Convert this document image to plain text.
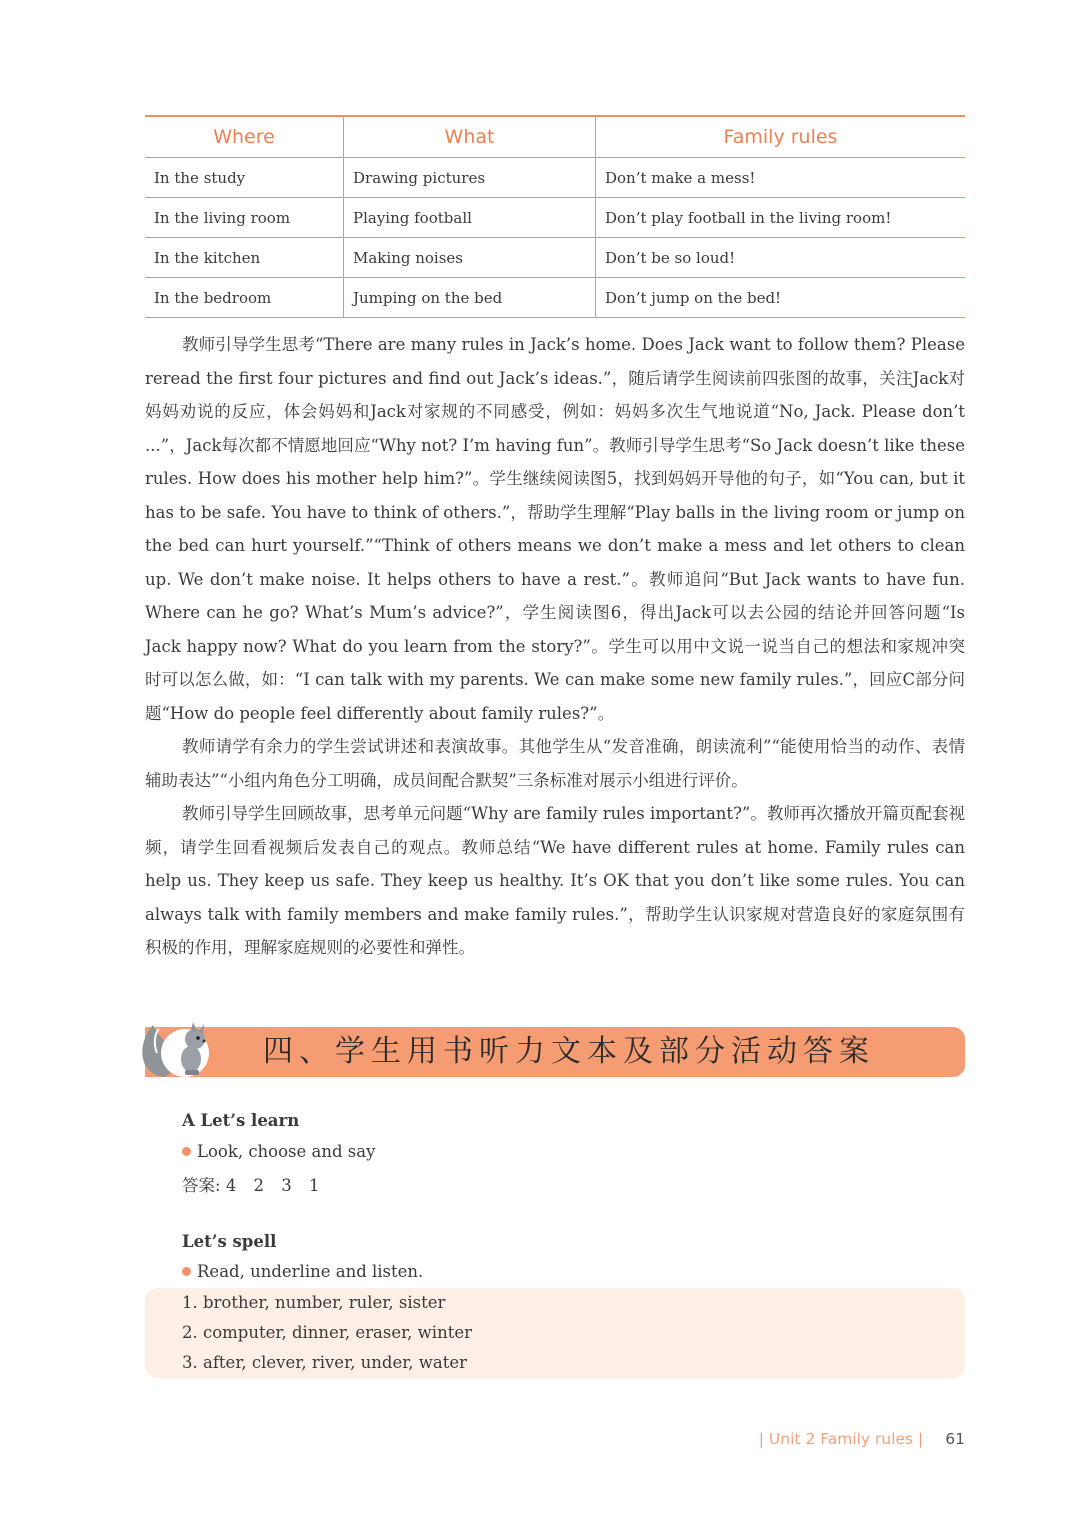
Where	What	Family rules
In the study	Drawing pictures	Don’t make a mess!
In the living room	Playing football	Don’t play football in the living room!
In the kitchen	Making noises	Don’t be so loud!
In the bedroom	Jumping on the bed	Don’t jump on the bed!

教师引导学生思考“There are many rules in Jack’s home. Does Jack want to follow them? Please reread the first four pictures and find out Jack’s ideas.”，随后请学生阅读前四张图的故事，关注Jack对妈妈劝说的反应，体会妈妈和Jack对家规的不同感受，例如：妈妈多次生气地说道“No, Jack. Please don’t ...”，Jack每次都不情愿地回应“Why not? I’m having fun”。教师引导学生思考“So Jack doesn’t like these rules. How does his mother help him?”。学生继续阅读图5，找到妈妈开导他的句子，如“You can, but it has to be safe. You have to think of others.”，帮助学生理解“Play balls in the living room or jump on the bed can hurt yourself.”“Think of others means we don’t make a mess and let others to clean up. We don’t make noise. It helps others to have a rest.”。教师追问“But Jack wants to have fun. Where can he go? What’s Mum’s advice?”，学生阅读图6，得出Jack可以去公园的结论并回答问题“Is Jack happy now? What do you learn from the story?”。学生可以用中文说一说当自己的想法和家规冲突时可以怎么做，如：“I can talk with my parents. We can make some new family rules.”，回应C部分问题“How do people feel differently about family rules?”。

教师请学有余力的学生尝试讲述和表演故事。其他学生从“发音准确，朗读流利”“能使用恰当的动作、表情辅助表达”“小组内角色分工明确，成员间配合默契”三条标准对展示小组进行评价。

教师引导学生回顾故事，思考单元问题“Why are family rules important?”。教师再次播放开篇页配套视频，请学生回看视频后发表自己的观点。教师总结“We have different rules at home. Family rules can help us. They keep us safe. They keep us healthy. It’s OK that you don’t like some rules. You can always talk with family members and make family rules.”，帮助学生认识家规对营造良好的家庭氛围有积极的作用，理解家庭规则的必要性和弹性。

四、学生用书听力文本及部分活动答案
A Let’s learn
Look, choose and say
答案: 4 2 3 1
Let’s spell
Read, underline and listen.
1. brother, number, ruler, sister
2. computer, dinner, eraser, winter
3. after, clever, river, under, water
| Unit 2 Family rules | 61
